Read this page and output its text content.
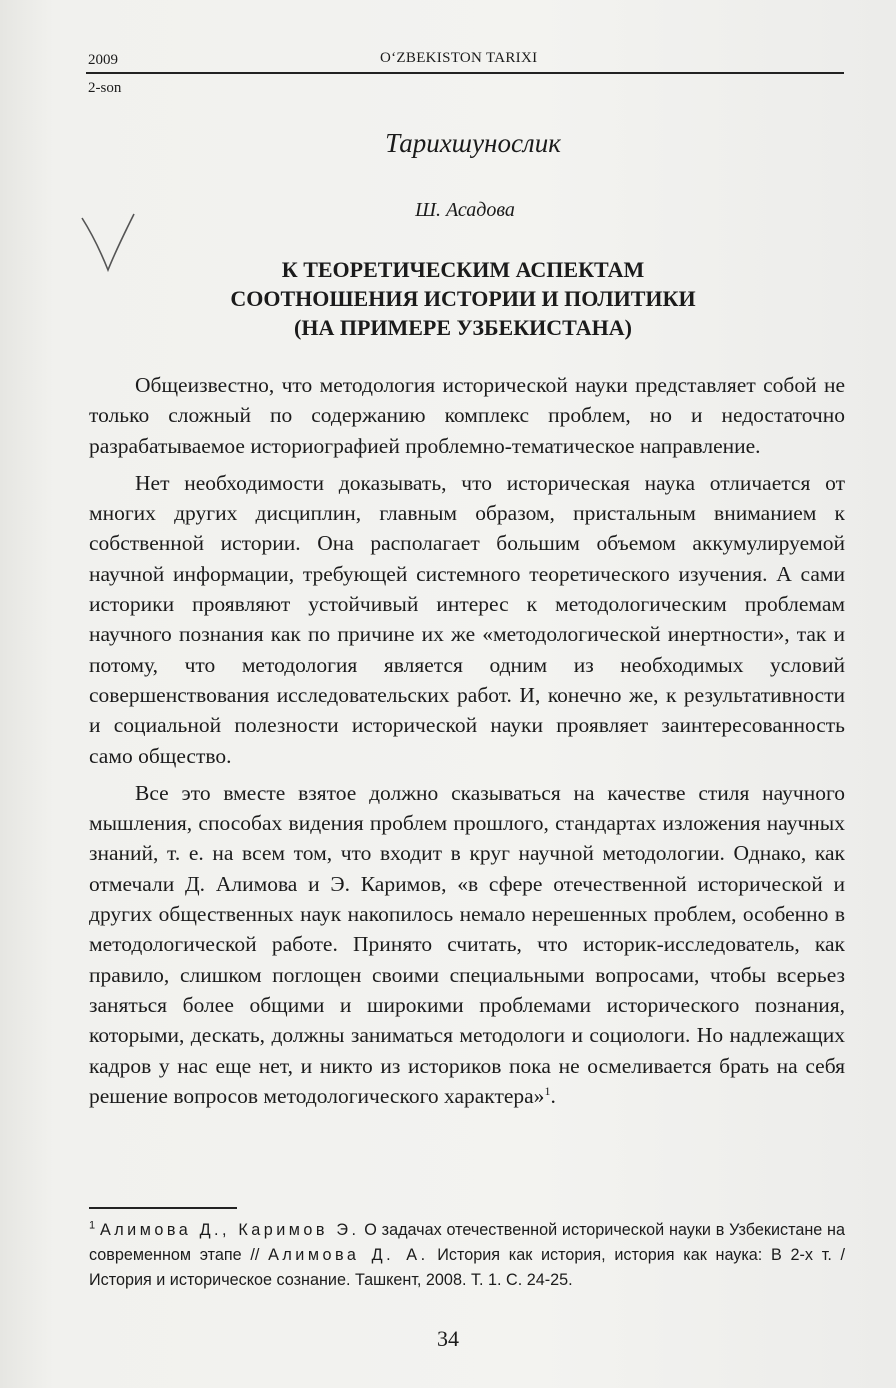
2009	O‘ZBEKISTON TARIXI
2-son
Тарихшунослик
Ш. Асадова
К ТЕОРЕТИЧЕСКИМ АСПЕКТАМ
СООТНОШЕНИЯ ИСТОРИИ И ПОЛИТИКИ
(НА ПРИМЕРЕ УЗБЕКИСТАНА)

Общеизвестно, что методология исторической науки представляет собой не только сложный по содержанию комплекс проблем, но и недостаточно разрабатываемое историографией проблемно-тематическое направление.

Нет необходимости доказывать, что историческая наука отличается от многих других дисциплин, главным образом, пристальным вниманием к собственной истории. Она располагает большим объемом аккумулируемой научной информации, требующей системного теоретического изучения. А сами историки проявляют устойчивый интерес к методологическим проблемам научного познания как по причине их же «методологической инертности», так и потому, что методология является одним из необходимых условий совершенствования исследовательских работ. И, конечно же, к результативности и социальной полезности исторической науки проявляет заинтересованность само общество.

Все это вместе взятое должно сказываться на качестве стиля научного мышления, способах видения проблем прошлого, стандартах изложения научных знаний, т. е. на всем том, что входит в круг научной методологии. Однако, как отмечали Д. Алимова и Э. Каримов, «в сфере отечественной исторической и других общественных наук накопилось немало нерешенных проблем, особенно в методологической работе. Принято считать, что историк-исследователь, как правило, слишком поглощен своими специальными вопросами, чтобы всерьез заняться более общими и широкими проблемами исторического познания, которыми, дескать, должны заниматься методологи и социологи. Но надлежащих кадров у нас еще нет, и никто из историков пока не осмеливается брать на себя решение вопросов методологического характера»$^1$.

$^1$ Алимова Д., Каримов Э. О задачах отечественной исторической науки в Узбекистане на современном этапе // Алимова Д. А. История как история, история как наука: В 2-х т. / История и историческое сознание. Ташкент, 2008. Т. 1. С. 24-25.
34
